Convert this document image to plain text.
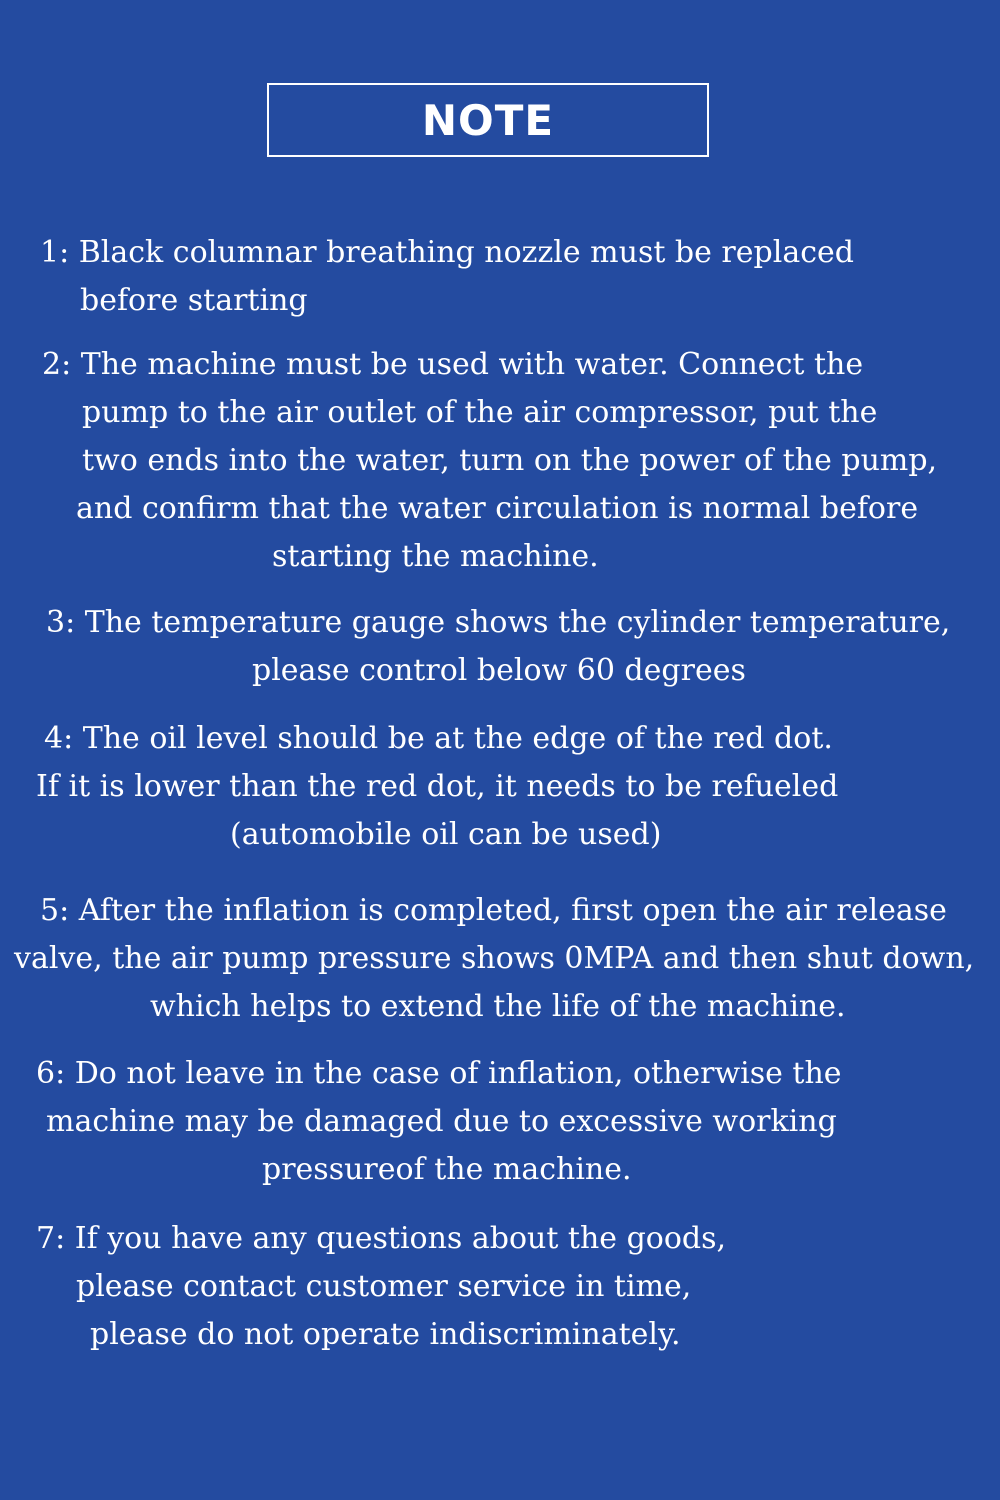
NOTE
1: Black columnar breathing nozzle must be replaced
before starting
2: The machine must be used with water. Connect the
pump to the air outlet of the air compressor, put the
two ends into the water, turn on the power of the pump,
and confirm that the water circulation is normal before
starting the machine.
3: The temperature gauge shows the cylinder temperature,
please control below 60 degrees
4: The oil level should be at the edge of the red dot.
If it is lower than the red dot, it needs to be refueled
(automobile oil can be used)
5: After the inflation is completed, first open the air release
valve, the air pump pressure shows 0MPA and then shut down,
which helps to extend the life of the machine.
6: Do not leave in the case of inflation, otherwise the
machine may be damaged due to excessive working
pressureof the machine.
7: If you have any questions about the goods,
please contact customer service in time,
please do not operate indiscriminately.
